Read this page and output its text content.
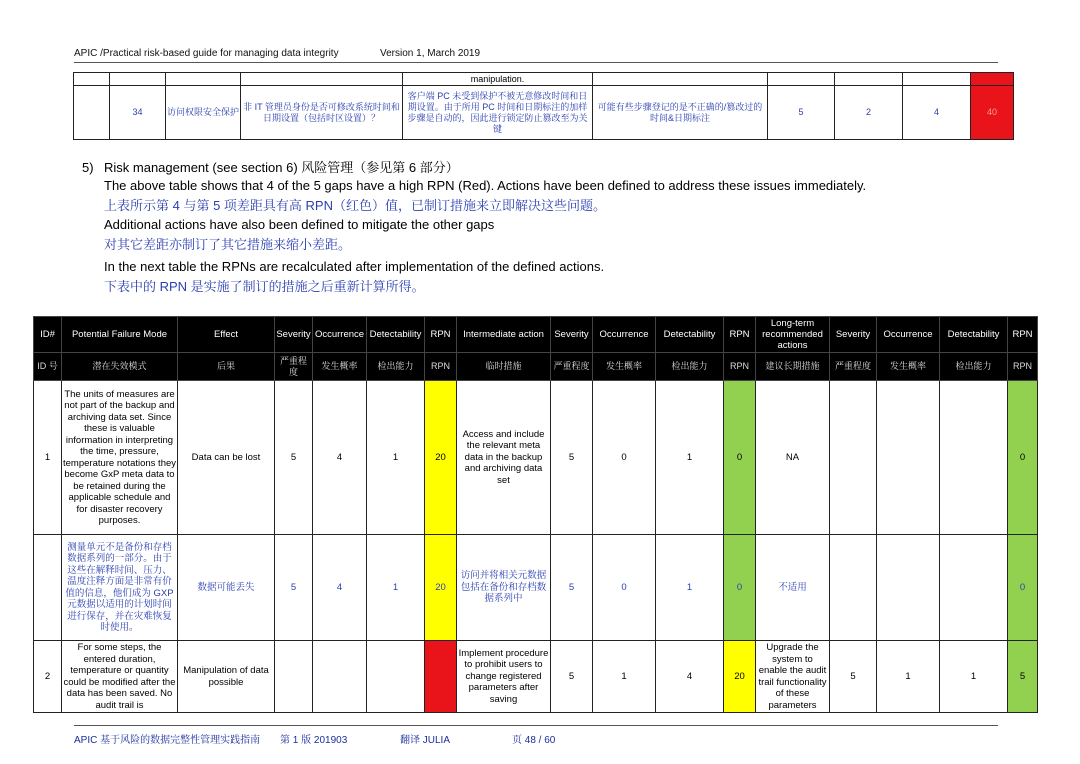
APIC /Practical risk-based guide for managing data integrity	Version 1, March 2019
				manipulation.					
	34	访问权限安全保护	非 IT 管理员身份是否可修改系统时间和日期设置（包括时区设置）？	客户端 PC 未受到保护不被无意修改时间和日期设置。由于所用 PC 时间和日期标注的加样步骤是自动的，因此进行锁定防止篡改至为关键	可能有些步骤登记的是不正确的/篡改过的时间&日期标注	5	2	4	40
5) Risk management (see section 6) 风险管理（参见第 6 部分）

The above table shows that 4 of the 5 gaps have a high RPN (Red). Actions have been defined to address these issues immediately.

上表所示第 4 与第 5 项差距具有高 RPN（红色）值，已制订措施来立即解决这些问题。

Additional actions have also been defined to mitigate the other gaps

对其它差距亦制订了其它措施来缩小差距。

In the next table the RPNs are recalculated after implementation of the defined actions.

下表中的 RPN 是实施了制订的措施之后重新计算所得。

ID#	Potential Failure Mode	Effect	Severity	Occurrence	Detectability	RPN	Intermediate action	Severity	Occurrence	Detectability	RPN	Long-term recommended actions	Severity	Occurrence	Detectability	RPN
ID 号	潜在失效模式	后果	严重程度	发生概率	检出能力	RPN	临时措施	严重程度	发生概率	检出能力	RPN	建议长期措施	严重程度	发生概率	检出能力	RPN
1	The units of measures are not part of the backup and archiving data set. Since these is valuable information in interpreting the time, pressure, temperature notations they become GxP meta data to be retained during the applicable schedule and for disaster recovery purposes.	Data can be lost	5	4	1	20	Access and include the relevant meta data in the backup and archiving data set	5	0	1	0	NA				0
	测量单元不是备份和存档数据系列的一部分。由于这些在解释时间、压力、温度注释方面是非常有价值的信息，他们成为 GXP 元数据以适用的计划时间进行保存，并在灾难恢复时使用。	数据可能丢失	5	4	1	20	访问并将相关元数据包括在备份和存档数据系列中	5	0	1	0	不适用				0
2	For some steps, the entered duration, temperature or quantity could be modified after the data has been saved. No audit trail is	Manipulation of data possible					Implement procedure to prohibit users to change registered parameters after saving	5	1	4	20	Upgrade the system to enable the audit trail functionality of these parameters	5	1	1	5
APIC 基于风险的数据完整性管理实践指南 第 1 版 201903	翻译 JULIA	页 48 / 60
